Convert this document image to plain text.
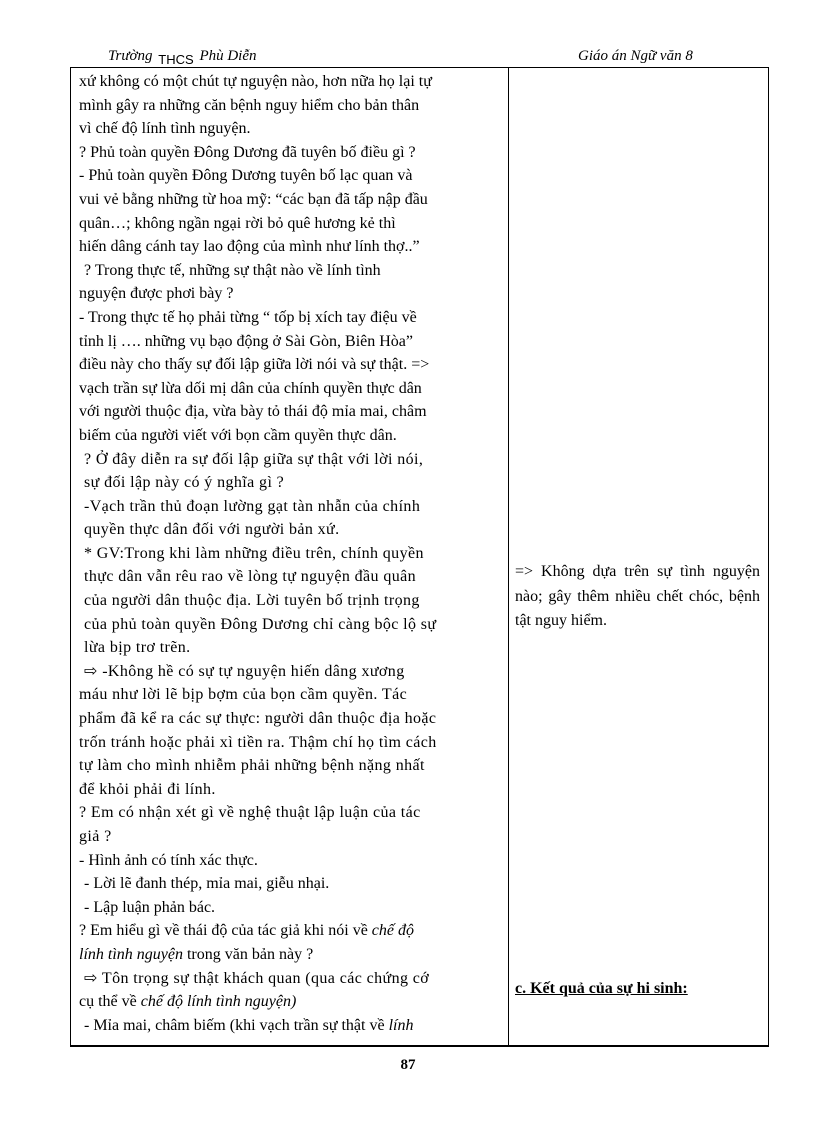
Trường THCS Phù Diễn	Giáo án Ngữ văn 8

xứ không có một chút tự nguyện nào, hơn nữa họ lại tự

mình gây ra những căn bệnh nguy hiểm cho bản thân

vì chế độ lính tình nguyện.

? Phủ toàn quyền Đông Dương đã tuyên bố điều gì ?

- Phủ toàn quyền Đông Dương tuyên bố lạc quan và

vui vẻ bằng những từ hoa mỹ: “các bạn đã tấp nập đầu

quân…; không ngần ngại rời bỏ quê hương kẻ thì

hiến dâng cánh tay lao động của mình như lính thợ..”

? Trong thực tế, những sự thật nào về lính tình

nguyện được phơi bày ?

- Trong thực tế họ phải từng “ tốp bị xích tay điệu về

tỉnh lị …. những vụ bạo động ở Sài Gòn, Biên Hòa”

điều này cho thấy sự đối lập giữa lời nói và sự thật. =>

vạch trần sự lừa dối mị dân của chính quyền thực dân

với người thuộc địa, vừa bày tỏ thái độ mỉa mai, châm

biếm của người viết với bọn cầm quyền thực dân.

? Ở đây diễn ra sự đối lập giữa sự thật với lời nói,

sự đối lập này có ý nghĩa gì ?

-Vạch trần thủ đoạn lường gạt tàn nhẫn của chính

quyền thực dân đối với người bản xứ.

* GV:Trong khi làm những điều trên, chính quyền

thực dân vẫn rêu rao về lòng tự nguyện đầu quân

của người dân thuộc địa. Lời tuyên bố trịnh trọng

của phủ toàn quyền Đông Dương chỉ càng bộc lộ sự

lừa bịp trơ trẽn.

⇨ -Không hề có sự tự nguyện hiến dâng xương

máu như lời lẽ bịp bợm của bọn cầm quyền. Tác

phẩm đã kể ra các sự thực: người dân thuộc địa hoặc

trốn tránh hoặc phải xì tiền ra. Thậm chí họ tìm cách

tự làm cho mình nhiễm phải những bệnh nặng nhất

để khỏi phải đi lính.

? Em có nhận xét gì về nghệ thuật lập luận của tác

giả ?

- Hình ảnh có tính xác thực.

- Lời lẽ đanh thép, mỉa mai, giễu nhại.

- Lập luận phản bác.

? Em hiểu gì về thái độ của tác giả khi nói về chế độ

lính tình nguyện trong văn bản này ?

⇨ Tôn trọng sự thật khách quan (qua các chứng cớ

cụ thể về chế độ lính tình nguyện)

- Mỉa mai, châm biếm (khi vạch trần sự thật về lính

=> Không dựa trên sự tình nguyện nào; gây thêm nhiều chết chóc, bệnh tật nguy hiểm.
c. Kết quả của sự hi sinh:
87
